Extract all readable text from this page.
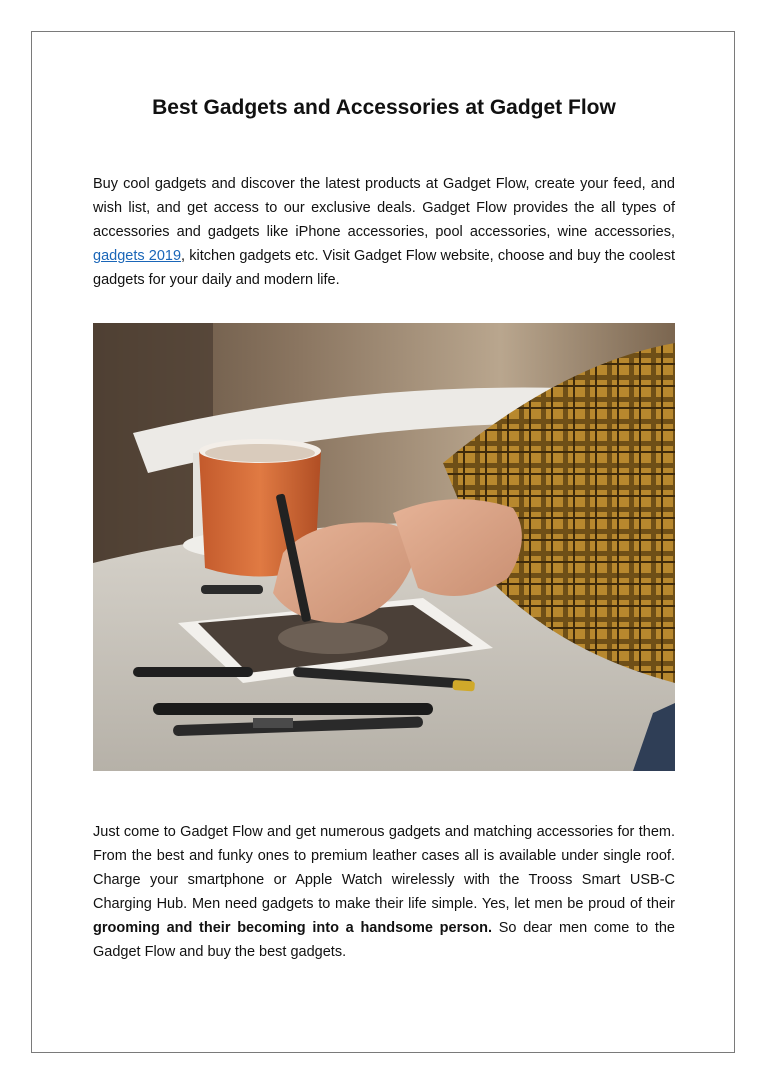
Best Gadgets and Accessories at Gadget Flow

Buy cool gadgets and discover the latest products at Gadget Flow, create your feed, and wish list, and get access to our exclusive deals. Gadget Flow provides the all types of accessories and gadgets like iPhone accessories, pool accessories, wine accessories, gadgets 2019, kitchen gadgets etc. Visit Gadget Flow website, choose and buy the coolest gadgets for your daily and modern life.

Just come to Gadget Flow and get numerous gadgets and matching accessories for them. From the best and funky ones to premium leather cases all is available under single roof. Charge your smartphone or Apple Watch wirelessly with the Trooss Smart USB-C Charging Hub. Men need gadgets to make their life simple. Yes, let men be proud of their grooming and their becoming into a handsome person. So dear men come to the Gadget Flow and buy the best gadgets.
